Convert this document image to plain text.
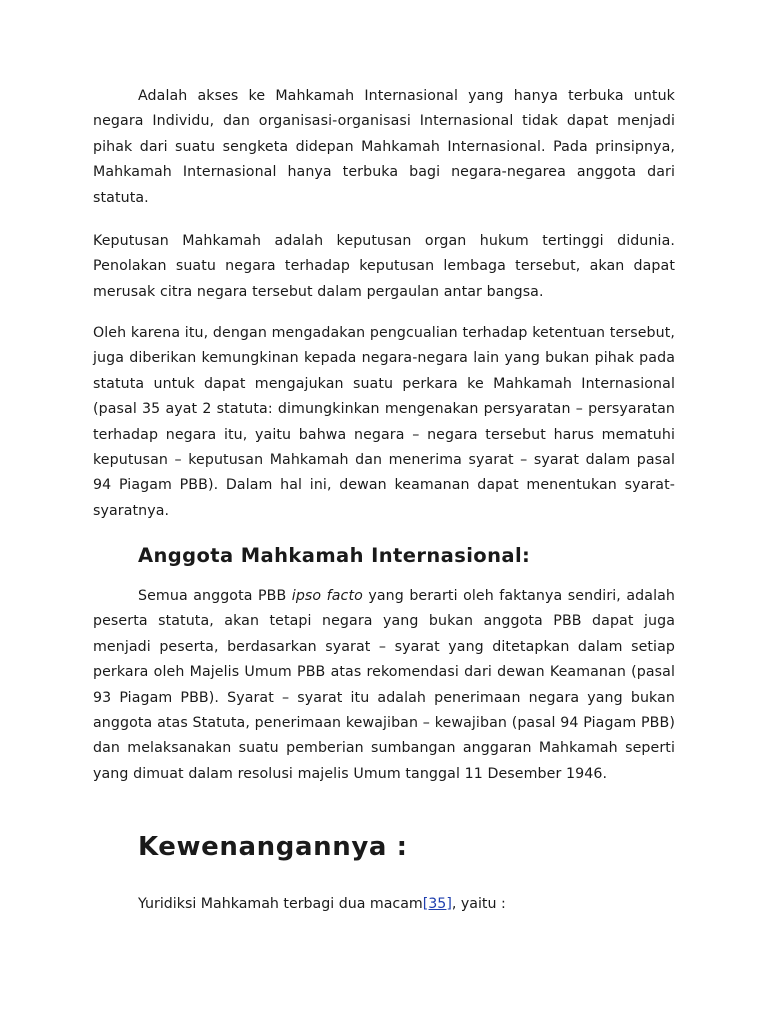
Adalah akses ke Mahkamah Internasional yang hanya terbuka untuk negara Individu, dan organisasi-organisasi Internasional tidak dapat menjadi pihak dari suatu sengketa didepan Mahkamah Internasional. Pada prinsipnya, Mahkamah Internasional hanya terbuka bagi negara-negarea anggota dari statuta.

Keputusan Mahkamah adalah keputusan organ hukum tertinggi didunia. Penolakan suatu negara terhadap keputusan lembaga tersebut, akan dapat merusak citra negara tersebut dalam pergaulan antar bangsa.

Oleh karena itu, dengan mengadakan pengcualian terhadap ketentuan tersebut, juga diberikan kemungkinan kepada negara-negara lain yang bukan pihak pada statuta untuk dapat mengajukan suatu perkara ke Mahkamah Internasional (pasal 35 ayat 2 statuta: dimungkinkan mengenakan persyaratan – persyaratan terhadap negara itu, yaitu bahwa negara – negara tersebut harus mematuhi keputusan – keputusan Mahkamah dan menerima syarat – syarat dalam pasal 94 Piagam PBB). Dalam hal ini, dewan keamanan dapat menentukan syarat-syaratnya.

Anggota Mahkamah Internasional:

Semua anggota PBB ipso facto yang berarti oleh faktanya sendiri, adalah peserta statuta, akan tetapi negara yang bukan anggota PBB dapat juga menjadi peserta, berdasarkan syarat – syarat yang ditetapkan dalam setiap perkara oleh Majelis Umum PBB atas rekomendasi dari dewan Keamanan (pasal 93 Piagam PBB). Syarat – syarat itu adalah penerimaan negara yang bukan anggota atas Statuta, penerimaan kewajiban – kewajiban (pasal 94 Piagam PBB) dan melaksanakan suatu pemberian sumbangan anggaran Mahkamah seperti yang dimuat dalam resolusi majelis Umum tanggal 11 Desember 1946.

Kewenangannya :

Yuridiksi Mahkamah terbagi dua macam[35], yaitu :
